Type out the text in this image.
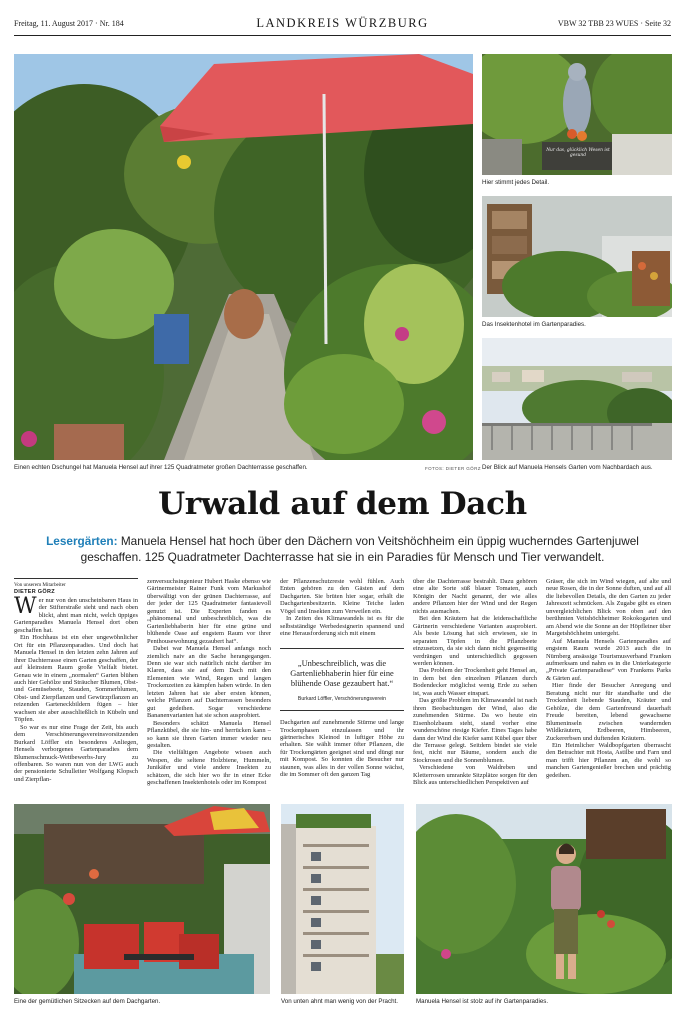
Freitag, 11. August 2017 · Nr. 184	LANDKREIS WÜRZBURG	VBW 32 TBB 23 WUES · Seite 32
Einen echten Dschungel hat Manuela Hensel auf ihrer 125 Quadratmeter großen Dachterrasse geschaffen.	FOTOS: DIETER GÖRZ
Nur das, glücklich Wesen ist gesund
Hier stimmt jedes Detail.
Das Insektenhotel im Gartenparadies.
Der Blick auf Manuela Hensels Garten vom Nachbardach aus.
Urwald auf dem Dach
Lesergärten: Manuela Hensel hat hoch über den Dächern von Veitshöchheim ein üppig wucherndes Gartenjuwel geschaffen. 125 Quadratmeter Dachterrasse hat sie in ein Paradies für Mensch und Tier verwandelt.
Von unserem Mitarbeiter
DIETER GÖRZ

Wer nur von den unscheinbaren Haus in der Stifterstraße sieht und nach oben blickt, ahnt man nicht, welch üppiges Gartenparadies Manuela Hensel dort oben geschaffen hat.

Ein Hochhaus ist ein eher ungewöhnlicher Ort für ein Pflanzenparadies. Und doch hat Manuela Hensel in den letzten zehn Jahren auf ihrer Dachterrasse einen Garten geschaffen, der auf kleinstem Raum große Vielfalt bietet. Genau wie in einem „normalen“ Garten blühen auch hier Gehölze und Sträucher Blumen, Obst- und Gemüsebeete, Stauden, Sommerblumen, Obst- und Zierpflanzen und Gewürzpflanzen an reizenden Garteneckbildern fügen – hier wachsen sie aber ausschließlich in Kübeln und Töpfen.

So war es nur eine Frage der Zeit, bis auch dem Verschönerungsvereinsvorsitzenden Burkard Löffler ein besonderes Anliegen, Hensels verborgenes Gartenparadies dem Blumenschmuck-Wettbewerbs-Jury zu offenbaren. So waren nun von der LWG auch der pensionierte Schulleiter Wolfgang Klopsch und Zierpflan-

zenversuchsingenieur Hubert Haske ebenso wie Gärtnermeister Rainer Funk vom Markushof überwältigt von der grünen Dachterrasse, auf der jeder der 125 Quadratmeter fantasievoll genutzt ist. Die Experten fanden es „phänomenal und unbeschreiblich, was die Gartenliebhaberin hier für eine grüne und blühende Oase auf engstem Raum vor ihrer Penthousewohnung gezaubert hat“.

Dabei war Manuela Hensel anfangs noch ziemlich naiv an die Sache herangegangen. Denn sie war sich natürlich nicht darüber im Klaren, dass sie auf dem Dach mit den Elementen wie Wind, Regen und langen Trockenzeiten zu kämpfen haben würde. In den letzten Jahren hat sie aber ersten können, welche Pflanzen auf Dachterrassen besonders gut gedeihen. Sogar verschiedene Bananenvarianten hat sie schon ausprobiert.

Besonders schätzt Manuela Hensel Pflanzkübel, die sie hin- und herrücken kann – so kann sie ihren Garten immer wieder neu gestalten.

Die vielfältigen Angebote wissen auch Wespen, die seltene Holzbiene, Hummeln, Junikäfer und viele andere Insekten zu schätzen, die sich hier wo ihr in einer Ecke geschaffenen Insektenhotels oder im Kompost

der Pflanzenschutzreste wohl fühlen. Auch Enten gehören zu den Gästen auf dem Dachgarten. Sie brüten hier sogar, erhält die Dachgartenbesitzerin. Kleine Teiche laden Vögel und Insekten zum Verweilen ein.

In Zeiten des Klimawandels ist es für die selbstständige Werbedesignerin spannend und eine Herausforderung sich mit einem

„Unbeschreiblich, was die Gartenliebhaberin hier für eine blühende Oase gezaubert hat.“
Burkard Löffler, Verschönerungsverein

Dachgarten auf zunehmende Stürme und lange Trockenphasen einzulassen und ihr gärtnerisches Kleinod in luftiger Höhe zu erhalten. Sie wählt immer öfter Pflanzen, die für Trockengärten geeignet sind und düngt nur mit Kompost. So konnten die Besucher nur staunen, was alles in der vollen Sonne wächst, die im Sommer oft den ganzen Tag

über die Dachterrasse bestrahlt. Dazu gehören eine alte Sorte süß blauer Tomaten, auch Königin der Nacht genannt, der wie alles andere Pflanzen hier der Wind und der Regen nichts ausmachen.

Bei den Kräutern hat die leidenschaftliche Gärtnerin verschiedene Varianten ausprobiert. Als beste Lösung hat sich erwiesen, sie in separaten Töpfen in die Pflanzbeete einzusetzen, da sie sich dann nicht gegenseitig verdrängen und unterschiedlich gegossen werden können.

Das Problem der Trockenheit geht Hensel an, in dem bei den einzelnen Pflanzen durch Bodendecker möglichst wenig Erde zu sehen ist, was auch Wasser einspart.

Das größte Problem im Klimawandel ist nach ihren Beobachtungen der Wind, also die zunehmenden Stürme. Da wo heute ein Eisenholzbaum steht, stand vorher eine wunderschöne riesige Kiefer. Eines Tages habe dann der Wind die Kiefer samt Kübel quer über die Terrasse gelegt. Seitdem bindet sie viele fest, nicht nur Bäume, sondern auch die Stockrosen und die Sonnenblumen.

Verschiedene von Waldreben und Kletterrosen umrankte Sitzplätze sorgen für den Blick aus unterschiedlichen Perspektiven auf

Gräser, die sich im Wind wiegen, auf alte und neue Rosen, die in der Sonne duften, und auf all die liebevollen Details, die den Garten zu jeder Jahreszeit schmücken. Als Zugabe gibt es einen unvergleichlichen Blick von oben auf den berühmten Veitshöchheimer Rokokogarten und am Abend wie die Sonne an der Höpfleiner über Margetshöchheim untergeht.

Auf Manuela Hensels Gartenparadies auf engstem Raum wurde 2013 auch die in Nürnberg ansässige Tourismusverband Franken aufmerksam und nahm es in die Unterkategorie „Private Gartenparadiese“ von Frankens Parks & Gärten auf.

Hier finde der Besucher Anregung und Beratung nicht nur für standhafte und die Trockenheit liebende Stauden, Kräuter und Gehölze, die dem Gartenfreund dauerhaft Freude bereiten, lebend gewachsene Blumeninseln zwischen wandernden Wildkräutern, Erdbeeren, Himbeeren, Zuckererbsen und duftenden Kräutern.

Ein Heimlicher Waldbopfgarten überrascht den Betrachter mit Hosta, Astilbe und Farn und man trifft hier Pflanzen an, die wohl so manchen Gartengenießer brechen und prächtig gedeihen.

Eine der gemütlichen Sitzecken auf dem Dachgarten.	Von unten ahnt man wenig von der Pracht.	Manuela Hensel ist stolz auf ihr Gartenparadies.
